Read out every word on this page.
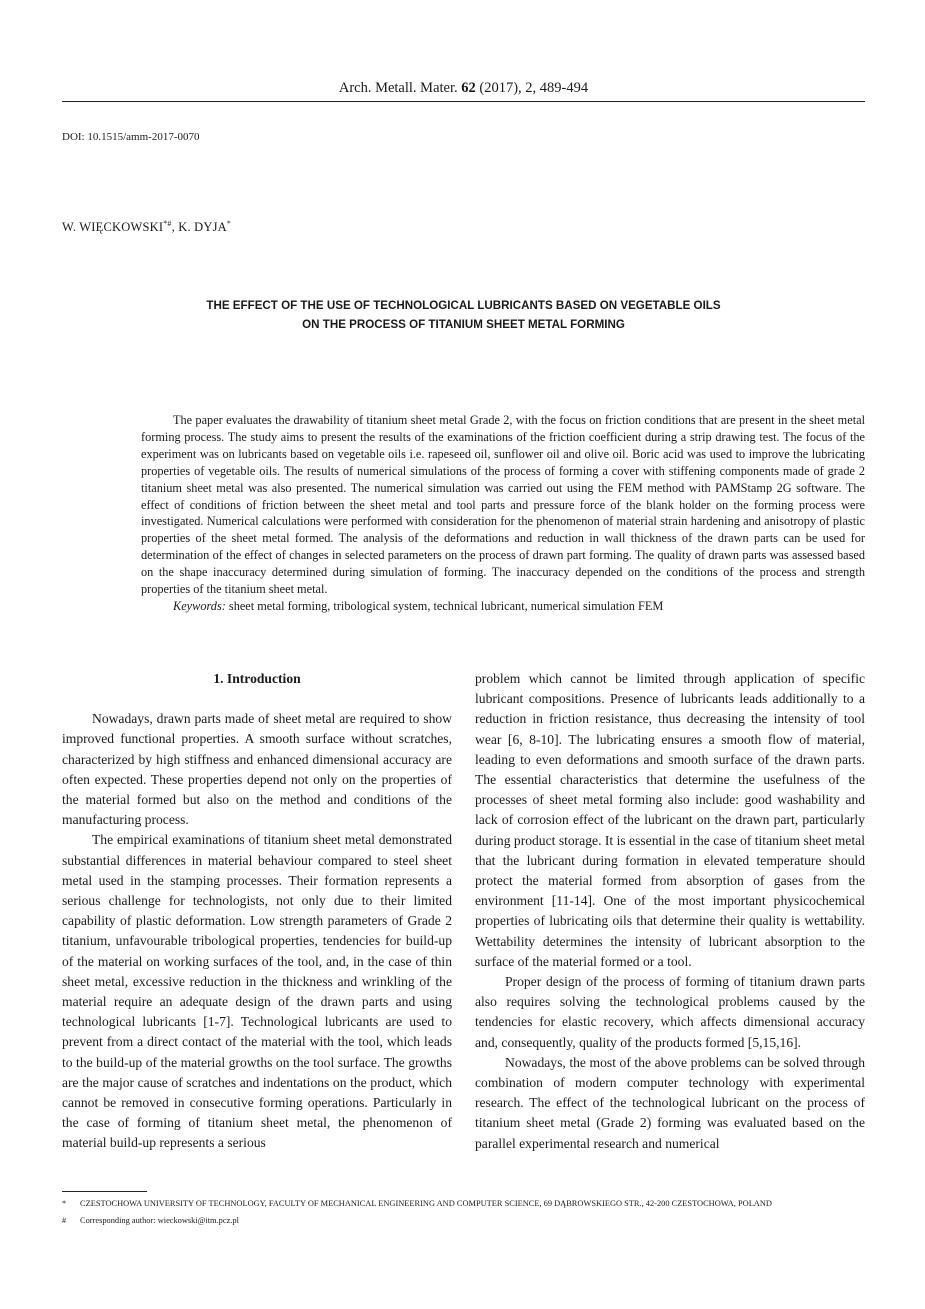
Arch. Metall. Mater. 62 (2017), 2, 489-494
DOI: 10.1515/amm-2017-0070
W. WIĘCKOWSKI*#, K. DYJA*
THE EFFECT OF THE USE OF TECHNOLOGICAL LUBRICANTS BASED ON VEGETABLE OILS
ON THE PROCESS OF TITANIUM SHEET METAL FORMING

The paper evaluates the drawability of titanium sheet metal Grade 2, with the focus on friction conditions that are present in the sheet metal forming process. The study aims to present the results of the examinations of the friction coefficient during a strip drawing test. The focus of the experiment was on lubricants based on vegetable oils i.e. rapeseed oil, sunflower oil and olive oil. Boric acid was used to improve the lubricating properties of vegetable oils. The results of numerical simulations of the process of forming a cover with stiffening components made of grade 2 titanium sheet metal was also presented. The numerical simulation was carried out using the FEM method with PAMStamp 2G software. The effect of conditions of friction between the sheet metal and tool parts and pressure force of the blank holder on the forming process were investigated. Numerical calculations were performed with consideration for the phenomenon of material strain hardening and anisotropy of plastic properties of the sheet metal formed. The analysis of the deformations and reduction in wall thickness of the drawn parts can be used for determination of the effect of changes in selected parameters on the process of drawn part forming. The quality of drawn parts was assessed based on the shape inaccuracy determined during simulation of forming. The inaccuracy depended on the conditions of the process and strength properties of the titanium sheet metal.

Keywords: sheet metal forming, tribological system, technical lubricant, numerical simulation FEM

1. Introduction

Nowadays, drawn parts made of sheet metal are required to show improved functional properties. A smooth surface without scratches, characterized by high stiffness and enhanced dimensional accuracy are often expected. These properties depend not only on the properties of the material formed but also on the method and conditions of the manufacturing process.

The empirical examinations of titanium sheet metal demonstrated substantial differences in material behaviour compared to steel sheet metal used in the stamping processes. Their formation represents a serious challenge for technologists, not only due to their limited capability of plastic deformation. Low strength parameters of Grade 2 titanium, unfavourable tribological properties, tendencies for build-up of the material on working surfaces of the tool, and, in the case of thin sheet metal, excessive reduction in the thickness and wrinkling of the material require an adequate design of the drawn parts and using technological lubricants [1-7]. Technological lubricants are used to prevent from a direct contact of the material with the tool, which leads to the build-up of the material growths on the tool surface. The growths are the major cause of scratches and indentations on the product, which cannot be removed in consecutive forming operations. Particularly in the case of forming of titanium sheet metal, the phenomenon of material build-up represents a serious

problem which cannot be limited through application of specific lubricant compositions. Presence of lubricants leads additionally to a reduction in friction resistance, thus decreasing the intensity of tool wear [6, 8-10]. The lubricating ensures a smooth flow of material, leading to even deformations and smooth surface of the drawn parts. The essential characteristics that determine the usefulness of the processes of sheet metal forming also include: good washability and lack of corrosion effect of the lubricant on the drawn part, particularly during product storage. It is essential in the case of titanium sheet metal that the lubricant during formation in elevated temperature should protect the material formed from absorption of gases from the environment [11-14]. One of the most important physicochemical properties of lubricating oils that determine their quality is wettability. Wettability determines the intensity of lubricant absorption to the surface of the material formed or a tool.

Proper design of the process of forming of titanium drawn parts also requires solving the technological problems caused by the tendencies for elastic recovery, which affects dimensional accuracy and, consequently, quality of the products formed [5,15,16].

Nowadays, the most of the above problems can be solved through combination of modern computer technology with experimental research. The effect of the technological lubricant on the process of titanium sheet metal (Grade 2) forming was evaluated based on the parallel experimental research and numerical

* CZESTOCHOWA UNIVERSITY OF TECHNOLOGY, FACULTY OF MECHANICAL ENGINEERING AND COMPUTER SCIENCE, 69 DĄBROWSKIEGO STR., 42-200 CZESTOCHOWA, POLAND
# Corresponding author: wieckowski@itm.pcz.pl
